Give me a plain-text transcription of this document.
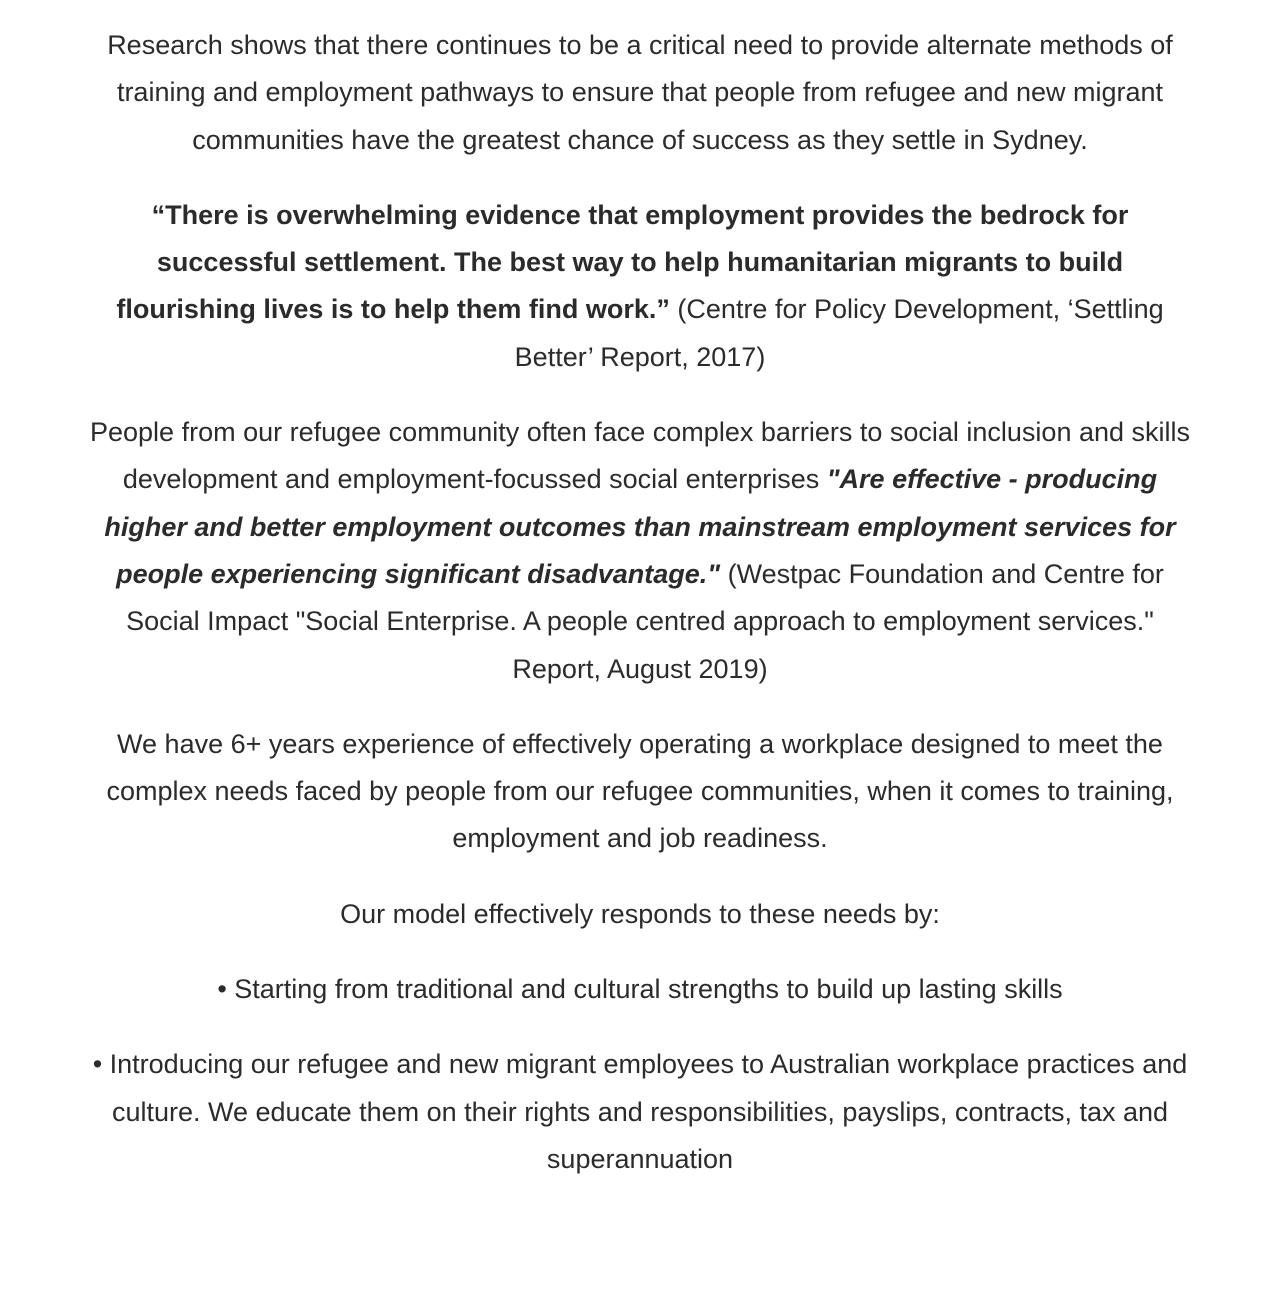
Research shows that there continues to be a critical need to provide alternate methods of training and employment pathways to ensure that people from refugee and new migrant communities have the greatest chance of success as they settle in Sydney.

“There is overwhelming evidence that employment provides the bedrock for successful settlement. The best way to help humanitarian migrants to build flourishing lives is to help them find work.” (Centre for Policy Development, ‘Settling Better’ Report, 2017)

People from our refugee community often face complex barriers to social inclusion and skills development and employment-focussed social enterprises "Are effective - producing higher and better employment outcomes than mainstream employment services for people experiencing significant disadvantage." (Westpac Foundation and Centre for Social Impact "Social Enterprise. A people centred approach to employment services." Report, August 2019)

We have 6+ years experience of effectively operating a workplace designed to meet the complex needs faced by people from our refugee communities, when it comes to training, employment and job readiness.

Our model effectively responds to these needs by:

• Starting from traditional and cultural strengths to build up lasting skills

• Introducing our refugee and new migrant employees to Australian workplace practices and culture. We educate them on their rights and responsibilities, payslips, contracts, tax and superannuation
